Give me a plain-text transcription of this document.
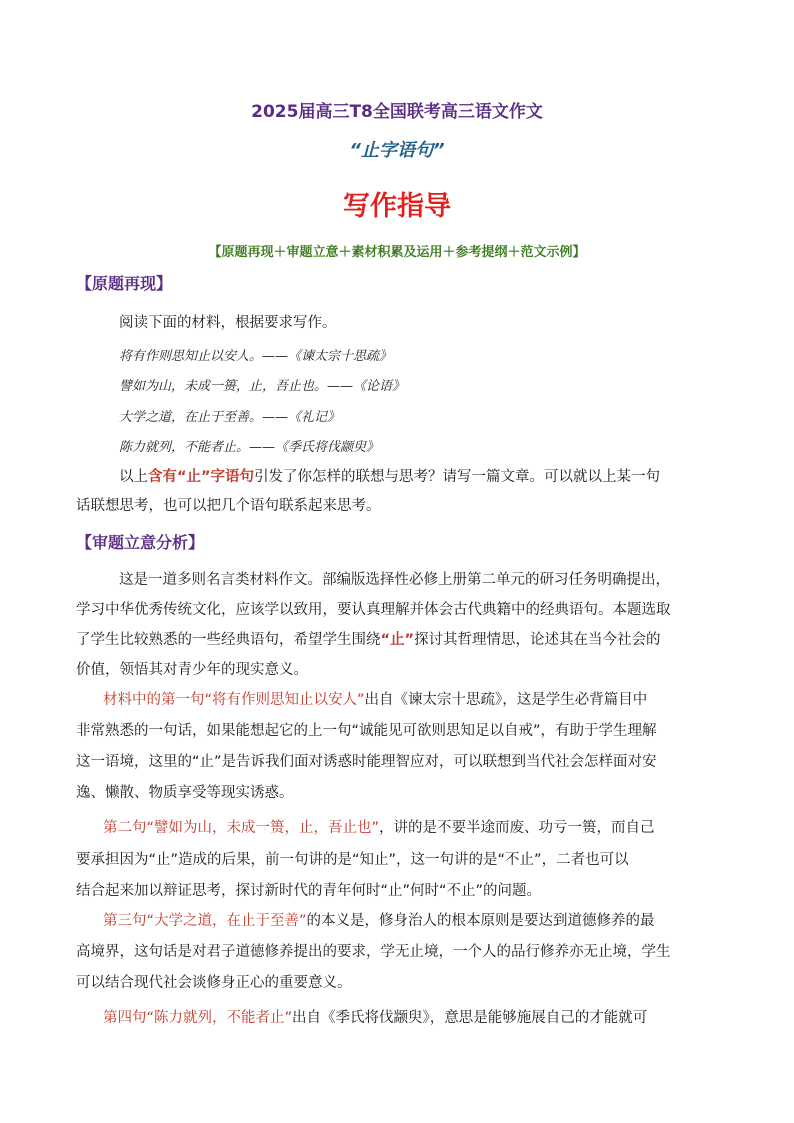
2025届高三T8全国联考高三语文作文
“止字语句”
写作指导
【原题再现＋审题立意＋素材积累及运用＋参考提纲＋范文示例】
【原题再现】
阅读下面的材料，根据要求写作。
将有作则思知止以安人。——《谏太宗十思疏》
譬如为山，未成一篑，止，吾止也。——《论语》
大学之道，在止于至善。——《礼记》
陈力就列，不能者止。——《季氏将伐颛臾》
以上含有“止”字语句引发了你怎样的联想与思考？请写一篇文章。可以就以上某一句
话联想思考，也可以把几个语句联系起来思考。
【审题立意分析】
这是一道多则名言类材料作文。部编版选择性必修上册第二单元的研习任务明确提出，
学习中华优秀传统文化，应该学以致用，要认真理解并体会古代典籍中的经典语句。本题选取
了学生比较熟悉的一些经典语句，希望学生围绕“止”探讨其哲理情思，论述其在当今社会的
价值，领悟其对青少年的现实意义。
材料中的第一句“将有作则思知止以安人”出自《谏太宗十思疏》，这是学生必背篇目中
非常熟悉的一句话，如果能想起它的上一句“诚能见可欲则思知足以自戒”，有助于学生理解
这一语境，这里的“止”是告诉我们面对诱惑时能理智应对，可以联想到当代社会怎样面对安
逸、懒散、物质享受等现实诱惑。
第二句“譬如为山，未成一篑，止，吾止也”，讲的是不要半途而废、功亏一篑，而自己
要承担因为“止”造成的后果，前一句讲的是“知止”，这一句讲的是“不止”，二者也可以
结合起来加以辩证思考，探讨新时代的青年何时“止”何时“不止”的问题。
第三句“大学之道，在止于至善”的本义是，修身治人的根本原则是要达到道德修养的最
高境界，这句话是对君子道德修养提出的要求，学无止境，一个人的品行修养亦无止境，学生
可以结合现代社会谈修身正心的重要意义。
第四句“陈力就列，不能者止”出自《季氏将伐颛臾》，意思是能够施展自己的才能就可
